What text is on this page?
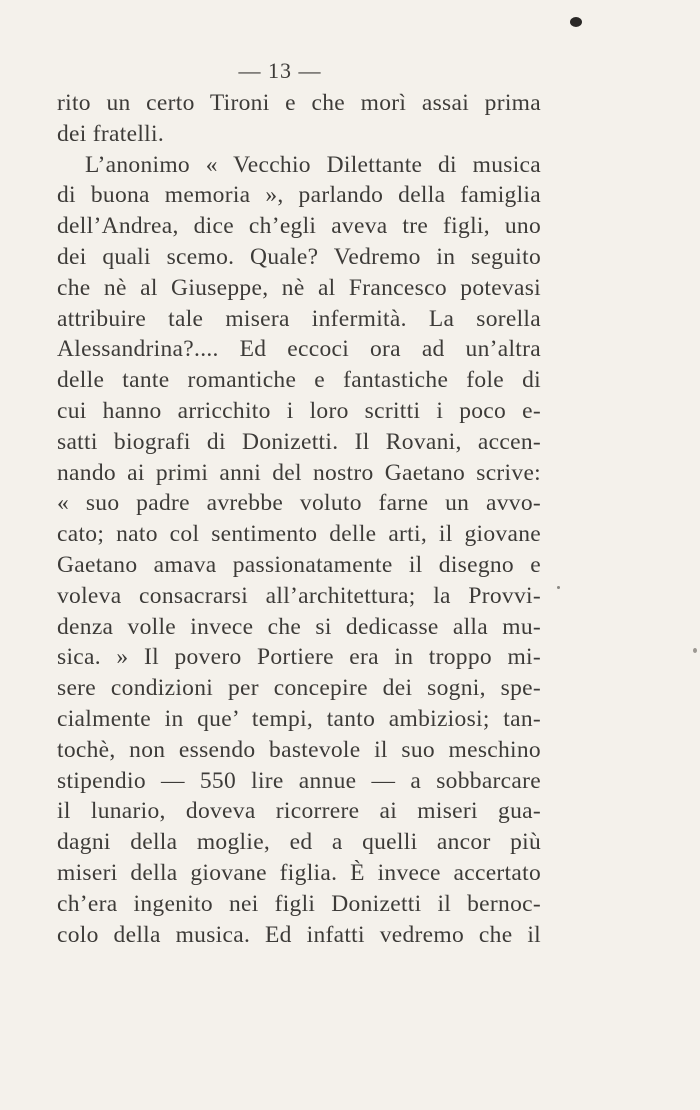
— 13 —
rito un certo Tironi e che morì assai prima
dei fratelli.
L’anonimo « Vecchio Dilettante di musica
di buona memoria », parlando della famiglia
dell’Andrea, dice ch’egli aveva tre figli, uno
dei quali scemo. Quale? Vedremo in seguito
che nè al Giuseppe, nè al Francesco potevasi
attribuire tale misera infermità. La sorella
Alessandrina?.... Ed eccoci ora ad un’altra
delle tante romantiche e fantastiche fole di
cui hanno arricchito i loro scritti i poco e-
satti biografi di Donizetti. Il Rovani, accen-
nando ai primi anni del nostro Gaetano scrive:
« suo padre avrebbe voluto farne un avvo-
cato; nato col sentimento delle arti, il giovane
Gaetano amava passionatamente il disegno e
voleva consacrarsi all’architettura; la Provvi-
denza volle invece che si dedicasse alla mu-
sica. » Il povero Portiere era in troppo mi-
sere condizioni per concepire dei sogni, spe-
cialmente in que’ tempi, tanto ambiziosi; tan-
tochè, non essendo bastevole il suo meschino
stipendio — 550 lire annue — a sobbarcare
il lunario, doveva ricorrere ai miseri gua-
dagni della moglie, ed a quelli ancor più
miseri della giovane figlia. È invece accertato
ch’era ingenito nei figli Donizetti il bernoc-
colo della musica. Ed infatti vedremo che il
